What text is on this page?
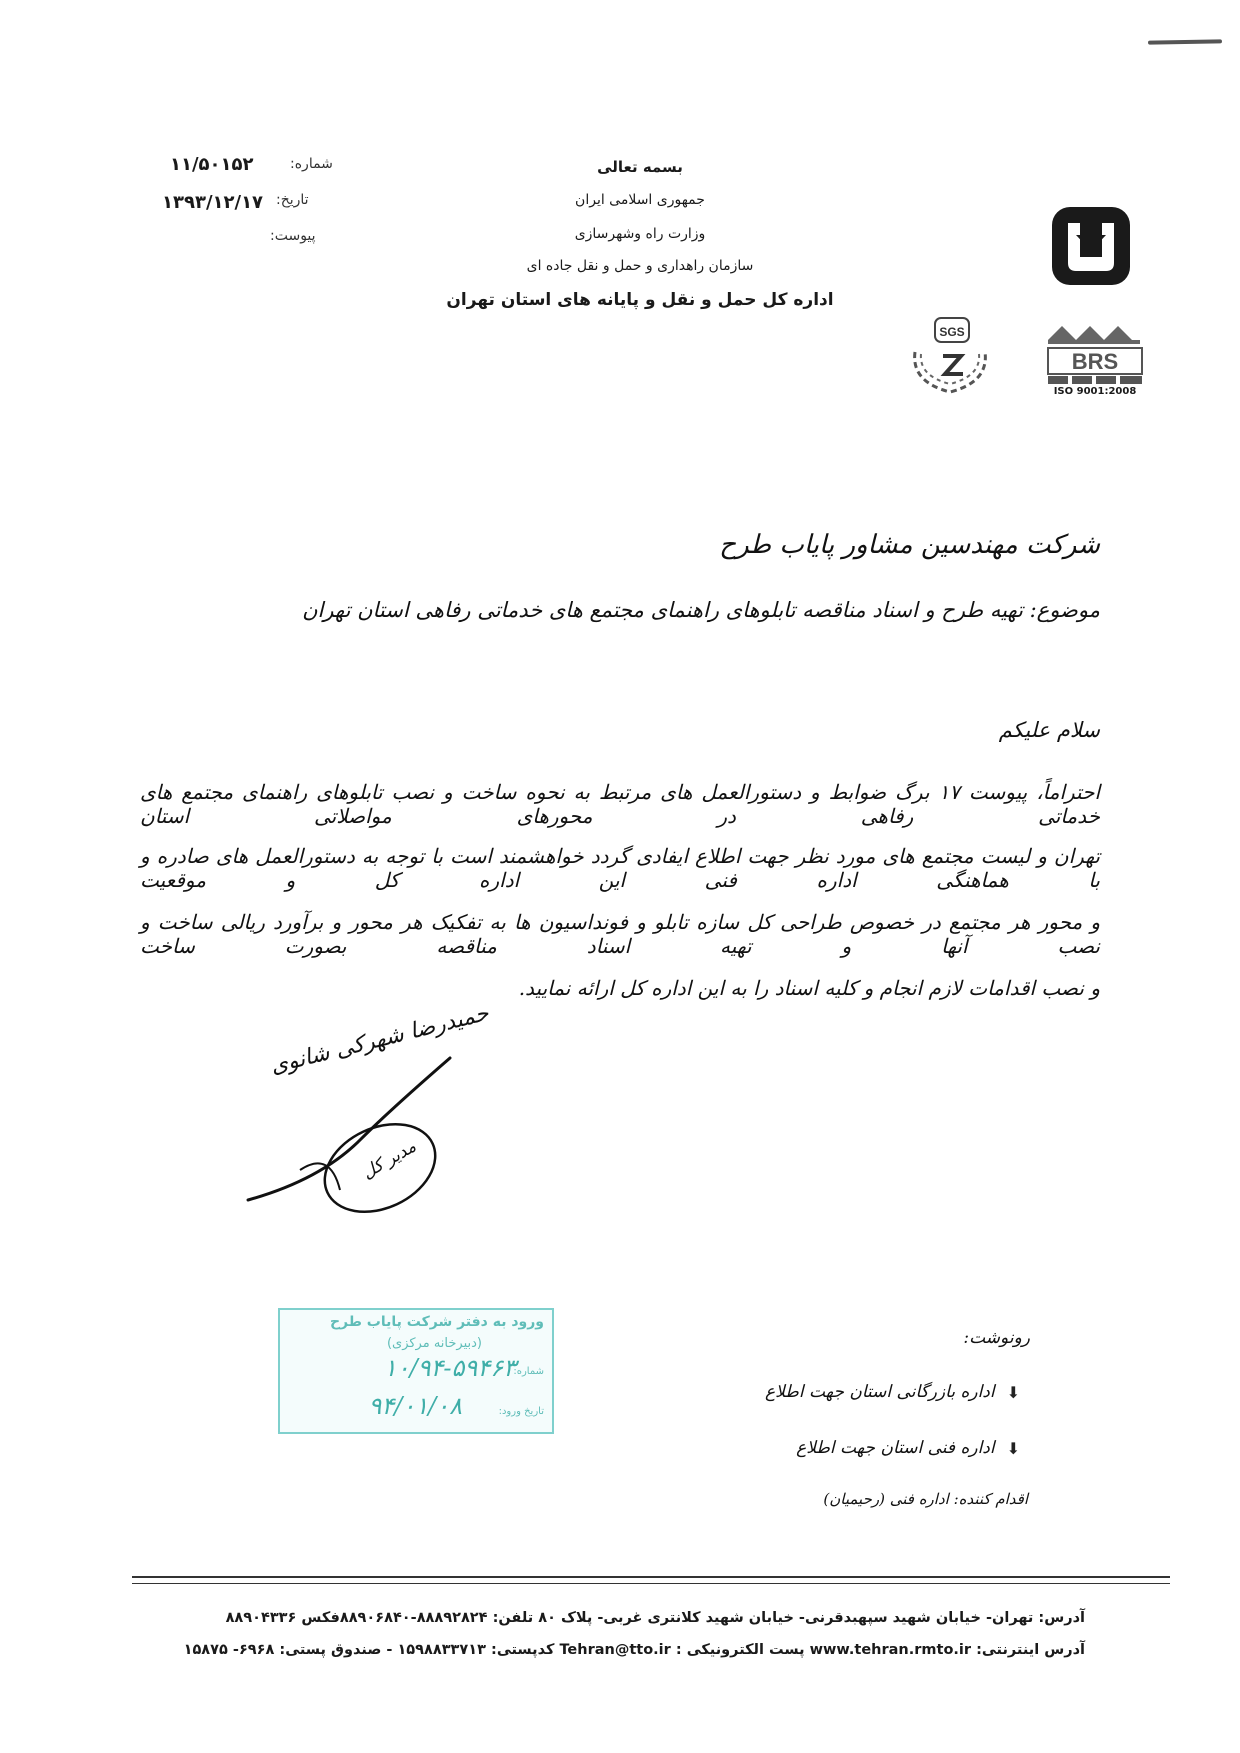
بسمه تعالی
جمهوری اسلامی ایران
وزارت راه وشهرسازی
سازمان راهداری و حمل و نقل جاده ای
اداره کل حمل و نقل و پایانه های استان تهران
شماره:
۱۱/۵۰۱۵۲
تاریخ:
۱۳۹۳/۱۲/۱۷
پیوست:
BRS
ISO 9001:2008
SGS
شرکت مهندسین مشاور پایاب طرح
موضوع: تهیه طرح و اسناد مناقصه تابلوهای راهنمای مجتمع های خدماتی رفاهی استان تهران
سلام علیکم
احتراماً، پیوست ۱۷ برگ ضوابط و دستورالعمل های مرتبط به نحوه ساخت و نصب تابلوهای راهنمای مجتمع های خدماتی رفاهی در محورهای مواصلاتی استان
تهران و لیست مجتمع های مورد نظر جهت اطلاع ایفادی گردد خواهشمند است با توجه به دستورالعمل های صادره و با هماهنگی اداره فنی این اداره کل و موقعیت
و محور هر مجتمع در خصوص طراحی کل سازه تابلو و فونداسیون ها به تفکیک هر محور و برآورد ریالی ساخت و نصب آنها و تهیه اسناد مناقصه بصورت ساخت
و نصب اقدامات لازم انجام و کلیه اسناد را به این اداره کل ارائه نمایید.
حمیدرضا شهرکی شانوی
مدیر کل
ورود به دفتر شرکت پایاب طرح
(دبیرخانه مرکزی)
شماره:
۱۰/۹۴-۵۹۴۶۳
تاریخ ورود:
۹۴/۰۱/۰۸
رونوشت:
⬇
اداره بازرگانی استان جهت اطلاع
⬇
اداره فنی استان جهت اطلاع
اقدام کننده: اداره فنی (رحیمیان)
آدرس: تهران- خیابان شهید سپهبدقرنی- خیابان شهید کلانتری غربی- پلاک ۸۰ تلفن: ۸۸۸۹۲۸۲۴-۸۸۹۰۶۸۴۰فکس ۸۸۹۰۴۳۳۶
آدرس اینترنتی: www.tehran.rmto.ir پست الکترونیکی : Tehran@tto.ir کدپستی: ۱۵۹۸۸۳۳۷۱۳ - صندوق پستی: ۶۹۶۸- ۱۵۸۷۵
